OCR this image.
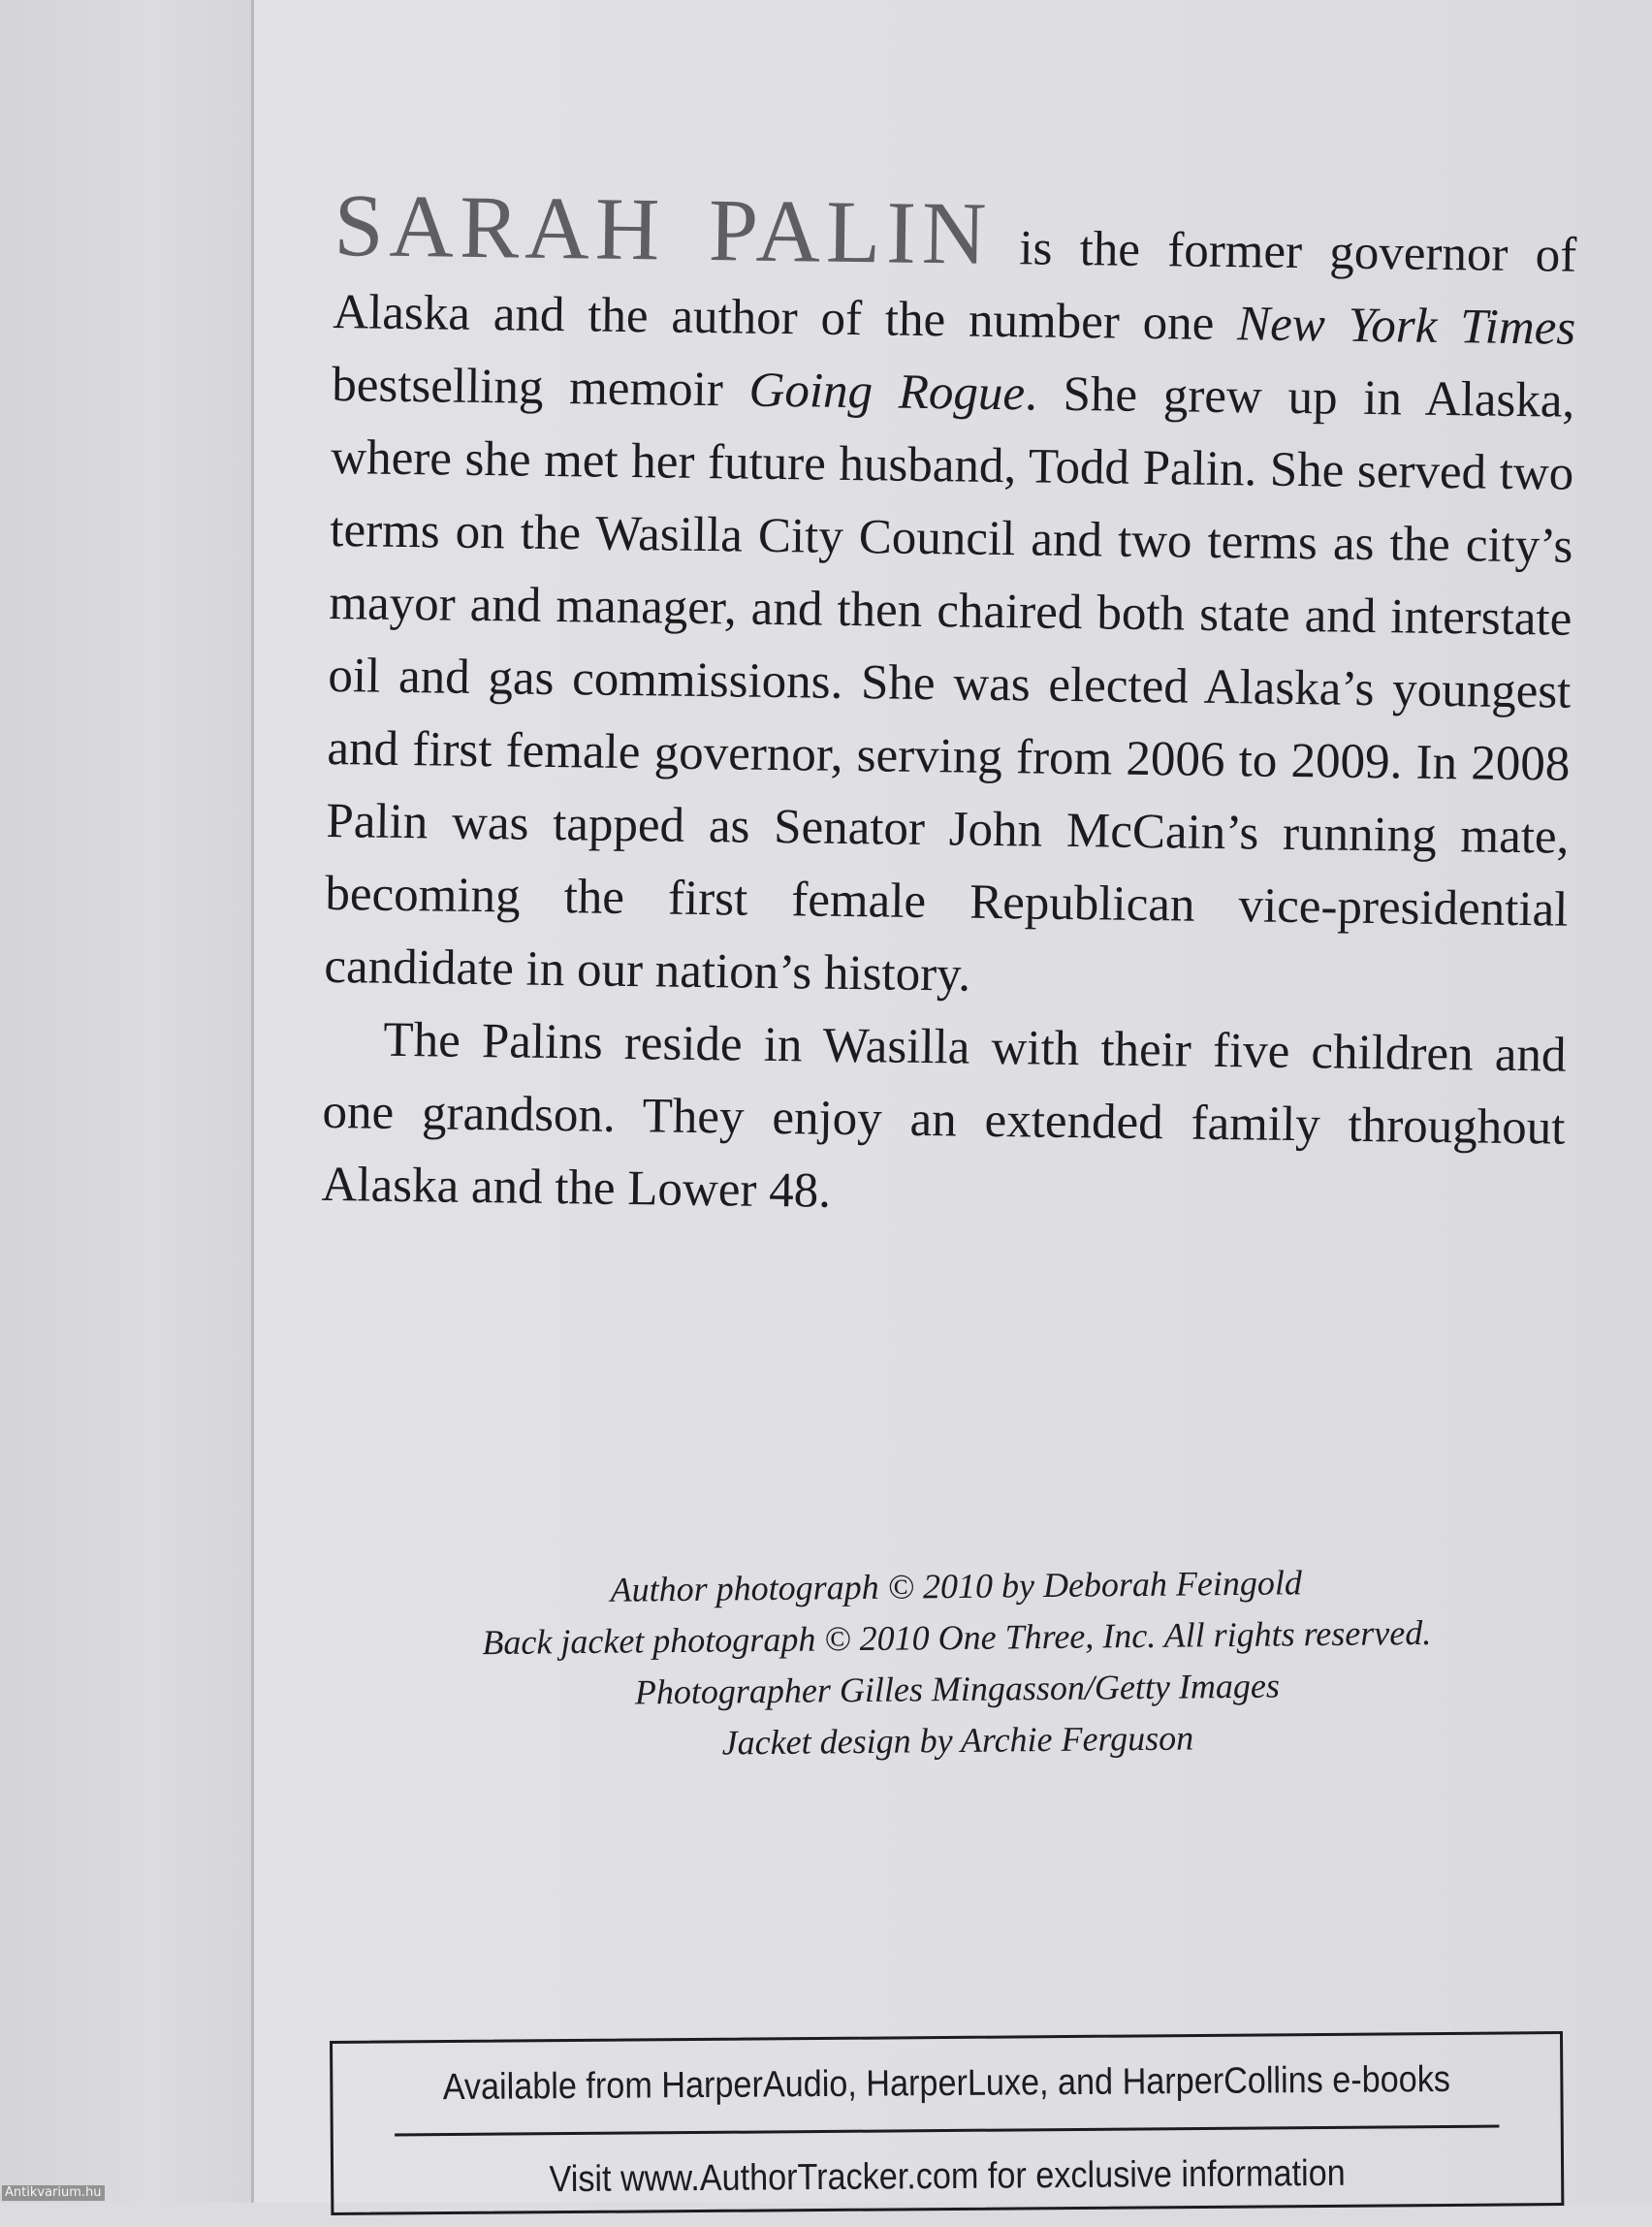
SARAH PALIN is the former governor of Alaska and the author of the number one New York Times bestselling memoir Going Rogue. She grew up in Alaska, where she met her future husband, Todd Palin. She served two terms on the Wasilla City Council and two terms as the city’s mayor and manager, and then chaired both state and interstate oil and gas commissions. She was elected Alaska’s youngest and first female governor, serving from 2006 to 2009. In 2008 Palin was tapped as Senator John McCain’s running mate, becoming the first female Republican vice-presidential candidate in our nation’s history.

The Palins reside in Wasilla with their five children and one grandson. They enjoy an extended family throughout Alaska and the Lower 48.

Author photograph © 2010 by Deborah Feingold
Back jacket photograph © 2010 One Three, Inc. All rights reserved.
Photographer Gilles Mingasson/Getty Images
Jacket design by Archie Ferguson
Available from HarperAudio, HarperLuxe, and HarperCollins e-books
Visit www.AuthorTracker.com for exclusive information
Antikvarium.hu
